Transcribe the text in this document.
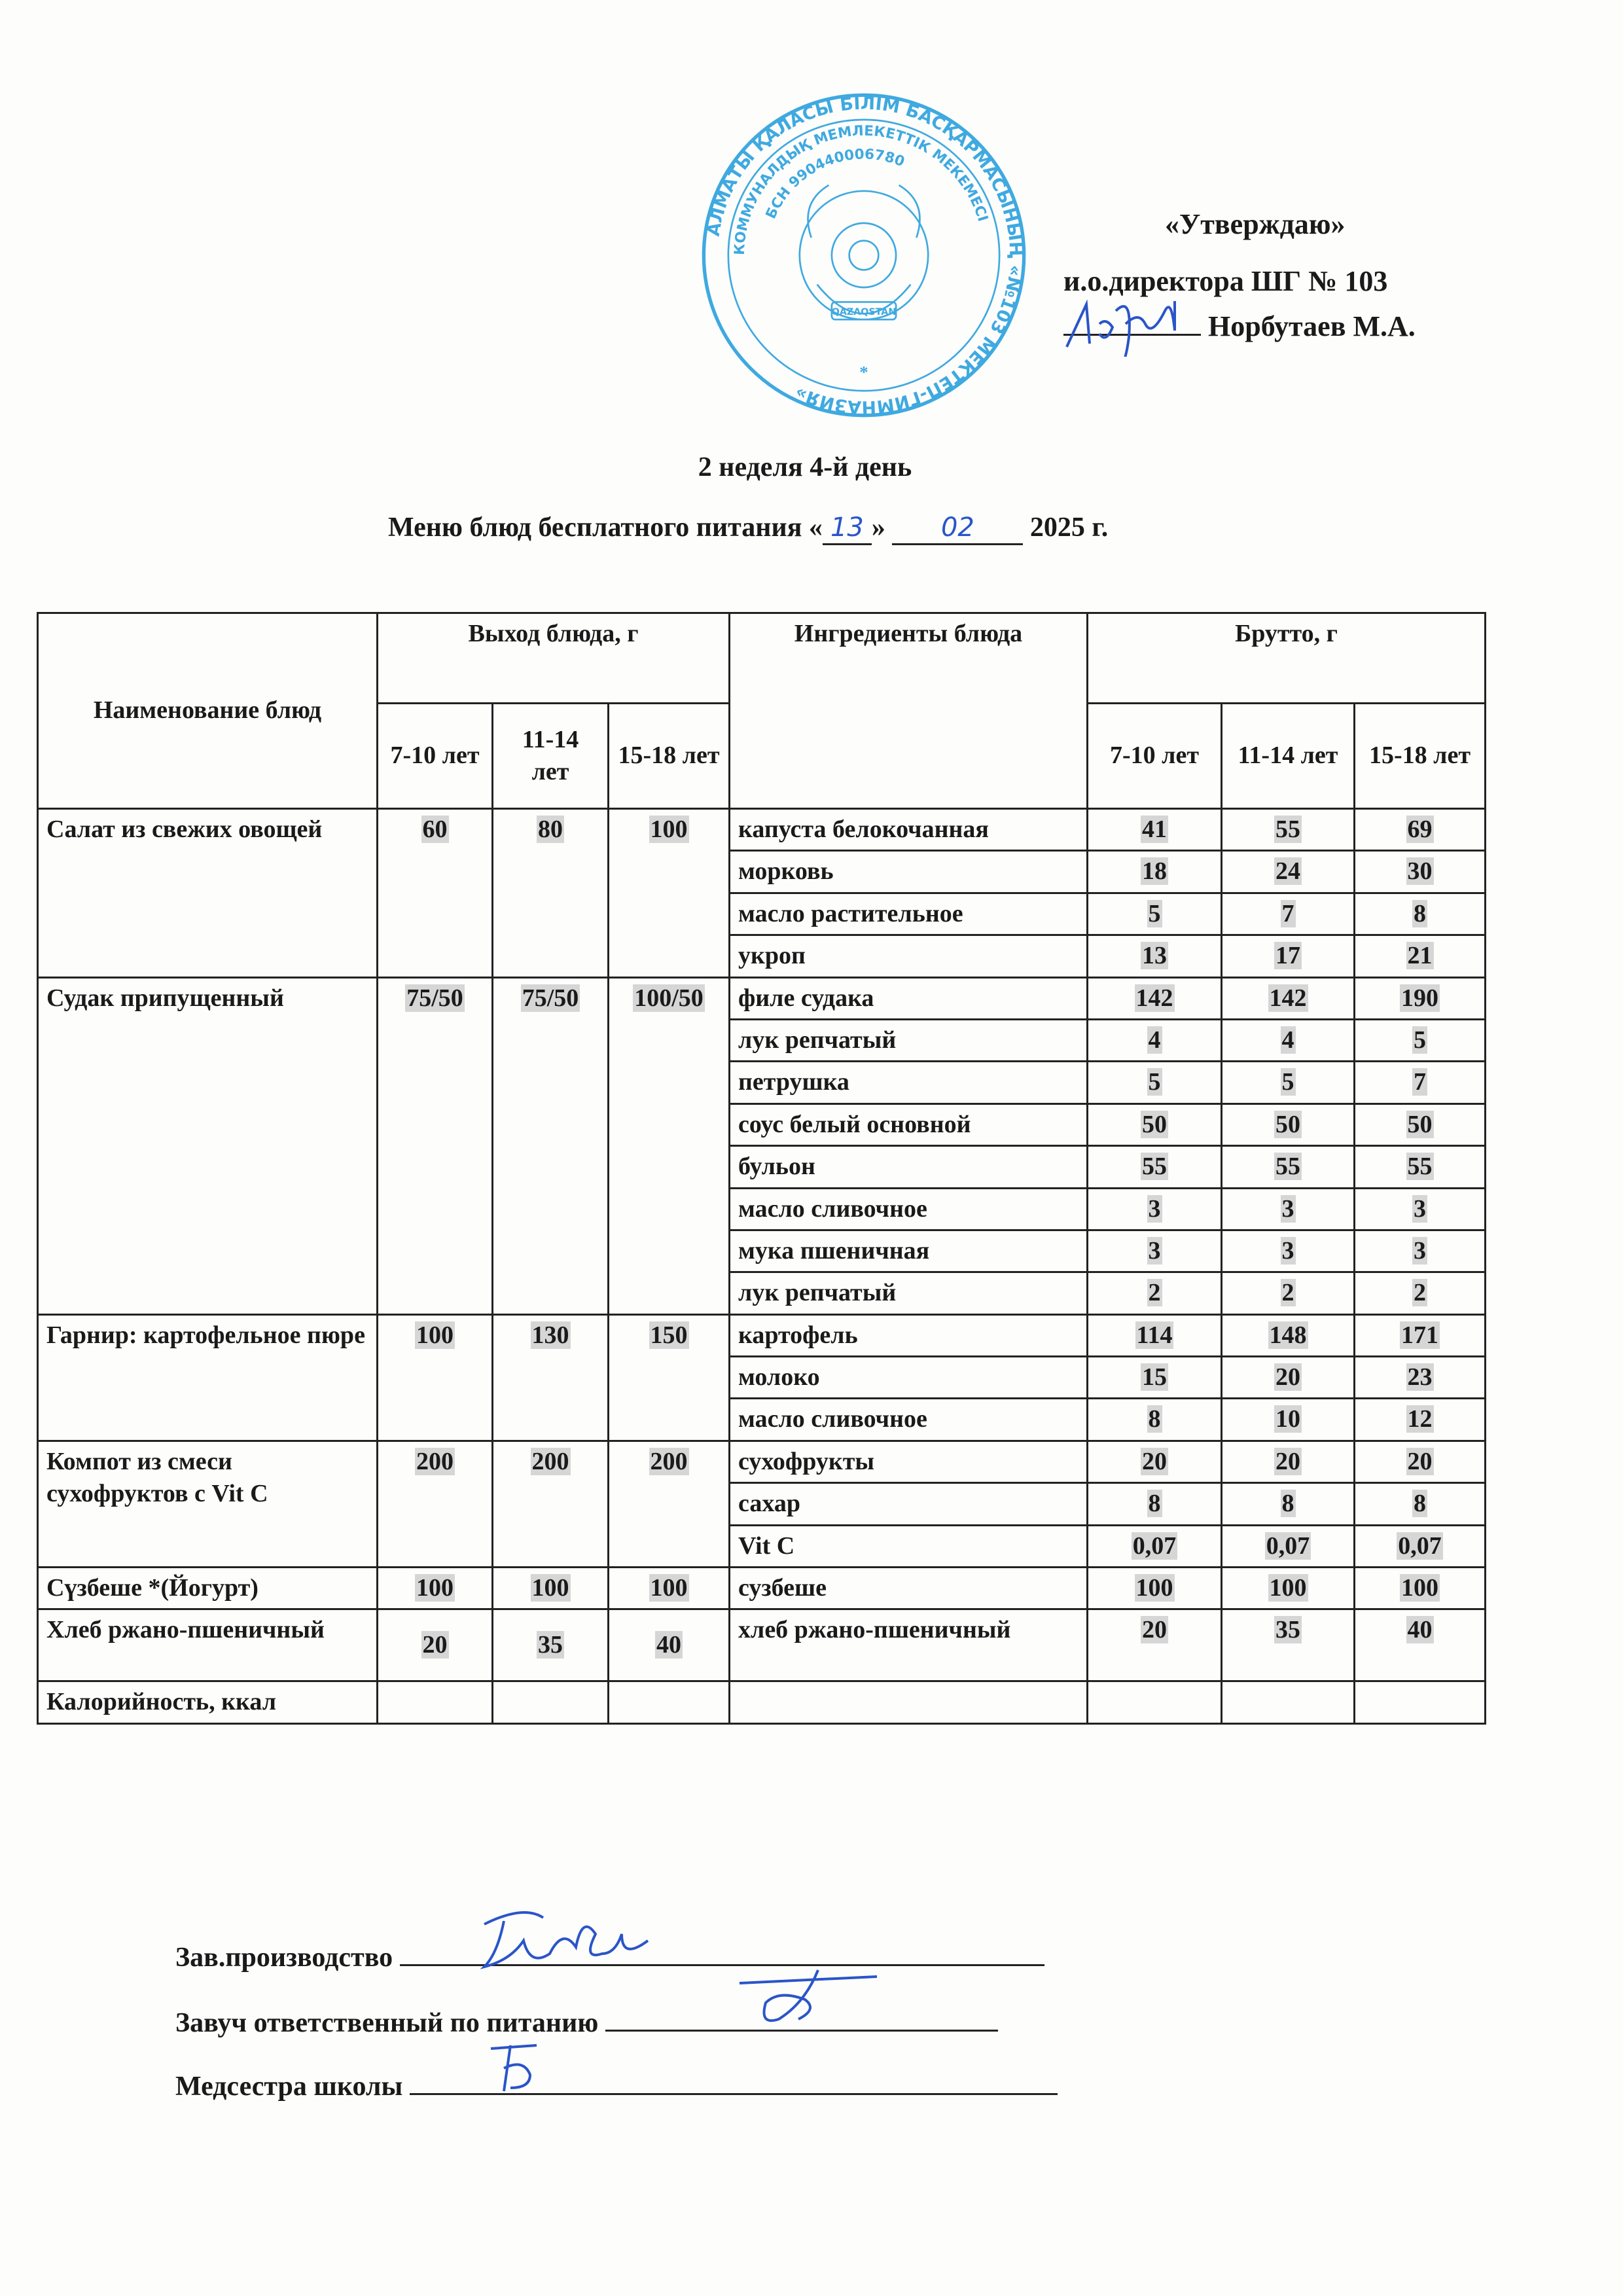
АЛМАТЫ ҚАЛАСЫ БІЛІМ БАСҚАРМАСЫНЫҢ «№103 МЕКТЕП-ГИМНАЗИЯ»
КОММУНАЛДЫҚ МЕМЛЕКЕТТІК МЕКЕМЕСІ
БСН 990440006780
QAZAQSTAN
*
«Утверждаю»
и.о.директора ШГ № 103
Норбутаев М.А.
2 неделя 4-й день
Меню блюд бесплатного питания « 13 » 02 2025 г.
Наименование блюд	Выход блюда, г			Ингредиенты блюда	Брутто, г		
	7-10 лет	11-14 лет	15-18 лет		7-10 лет	11-14 лет	15-18 лет
Салат из свежих овощей	60	80	100	капуста белокочанная	41	55	69
				морковь	18	24	30
				масло растительное	5	7	8
				укроп	13	17	21
Судак припущенный	75/50	75/50	100/50	филе судака	142	142	190
				лук репчатый	4	4	5
				петрушка	5	5	7
				соус белый основной	50	50	50
				бульон	55	55	55
				масло сливочное	3	3	3
				мука пшеничная	3	3	3
				лук репчатый	2	2	2
Гарнир: картофельное пюре	100	130	150	картофель	114	148	171
				молоко	15	20	23
				масло сливочное	8	10	12
Компот из смеси сухофруктов с Vit C	200	200	200	сухофрукты	20	20	20
				сахар	8	8	8
				Vit C	0,07	0,07	0,07
Сүзбеше *(Йогурт)	100	100	100	сузбеше	100	100	100
Хлеб ржано-пшеничный	20	35	40	хлеб ржано-пшеничный	20	35	40
Калорийность, ккал							
Зав.производство
Завуч ответственный по питанию
Медсестра школы
